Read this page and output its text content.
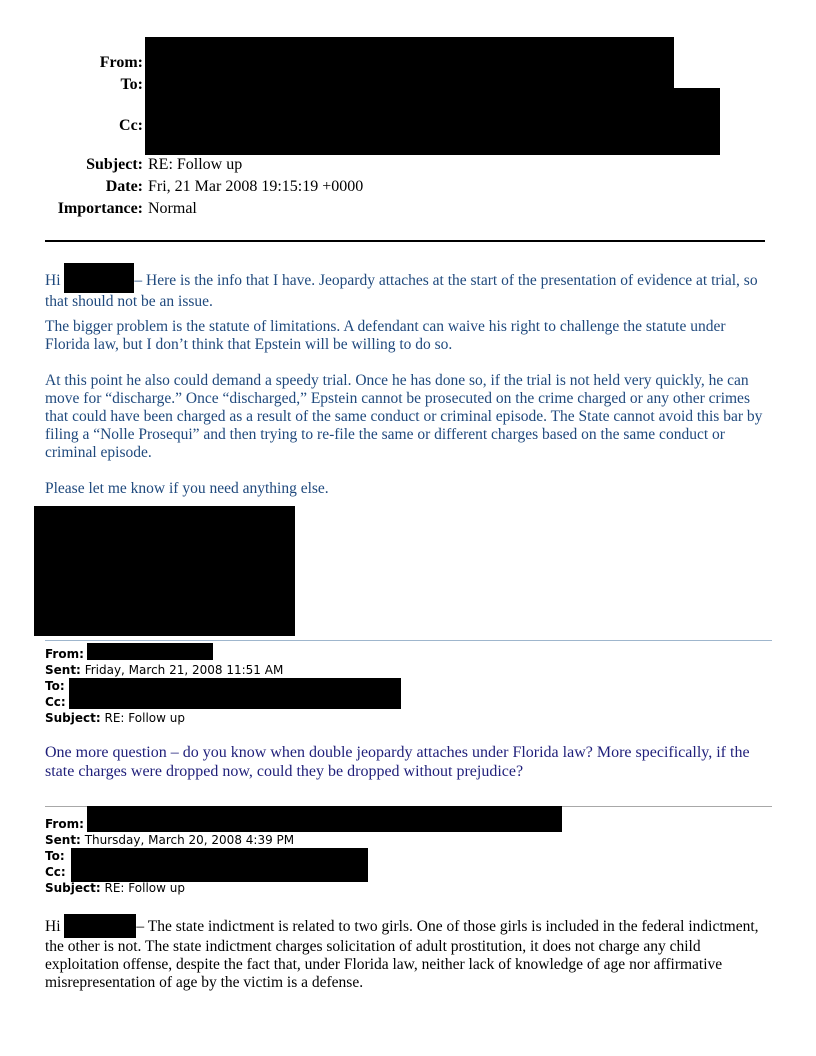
From:
To:
Cc:
Subject: RE: Follow up
Date: Fri, 21 Mar 2008 19:15:19 +0000
Importance: Normal

Hi	– Here is the info that I have. Jeopardy attaches at the start of the presentation of evidence at trial, so that should not be an issue.

The bigger problem is the statute of limitations. A defendant can waive his right to challenge the statute under Florida law, but I don’t think that Epstein will be willing to do so.

At this point he also could demand a speedy trial. Once he has done so, if the trial is not held very quickly, he can move for “discharge.” Once “discharged,” Epstein cannot be prosecuted on the crime charged or any other crimes that could have been charged as a result of the same conduct or criminal episode. The State cannot avoid this bar by filing a “Nolle Prosequi” and then trying to re-file the same or different charges based on the same conduct or criminal episode.

Please let me know if you need anything else.

From:
Sent: Friday, March 21, 2008 11:51 AM
To:
Cc:
Subject: RE: Follow up

One more question – do you know when double jeopardy attaches under Florida law? More specifically, if the state charges were dropped now, could they be dropped without prejudice?

From:
Sent: Thursday, March 20, 2008 4:39 PM
To:
Cc:
Subject: RE: Follow up

Hi	– The state indictment is related to two girls. One of those girls is included in the federal indictment, the other is not. The state indictment charges solicitation of adult prostitution, it does not charge any child exploitation offense, despite the fact that, under Florida law, neither lack of knowledge of age nor affirmative misrepresentation of age by the victim is a defense.
